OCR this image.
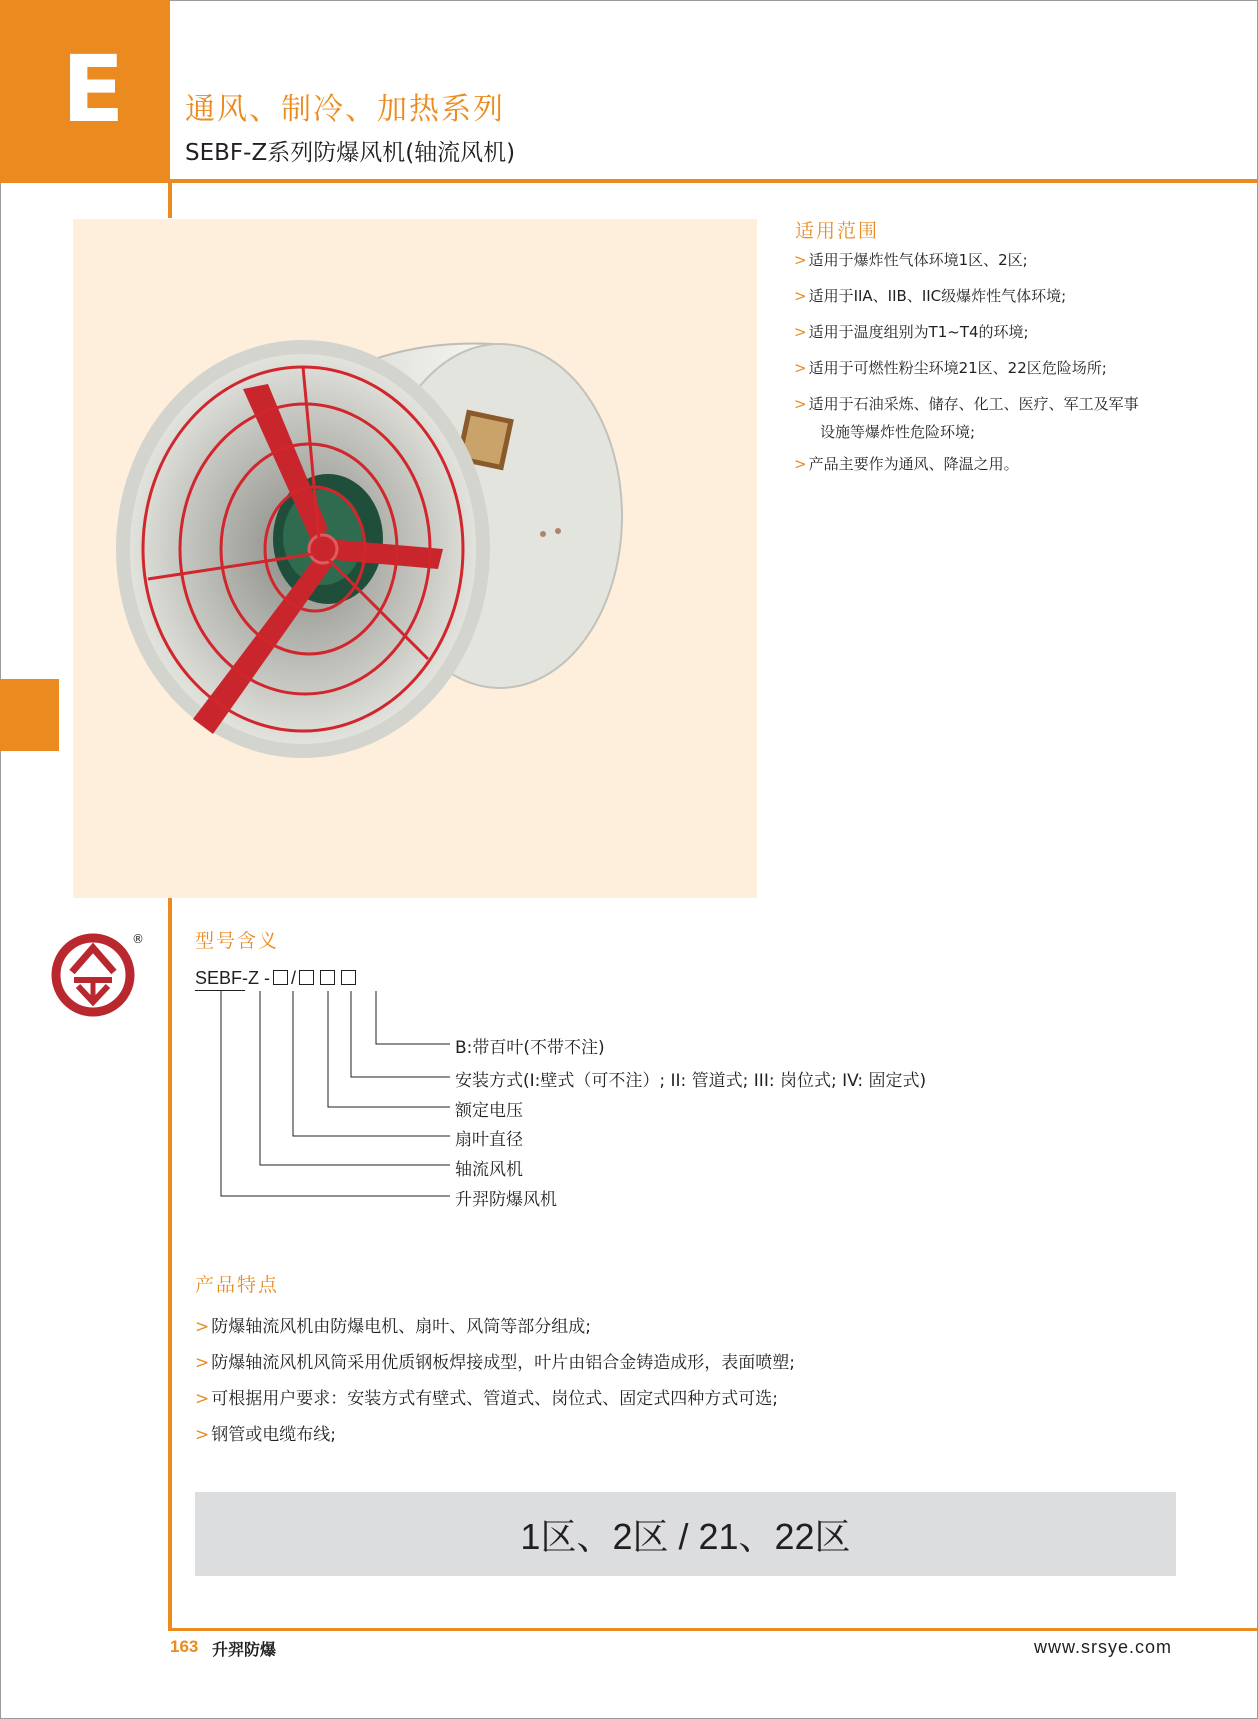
E	通风、制冷、加热系列
SEBF-Z系列防爆风机(轴流风机)
适用范围
> 适用于爆炸性气体环境1区、2区;
> 适用于IIA、IIB、IIC级爆炸性气体环境;
> 适用于温度组别为T1~T4的环境;
> 适用于可燃性粉尘环境21区、22区危险场所;
> 适用于石油采炼、储存、化工、医疗、军工及军事
设施等爆炸性危险环境;
> 产品主要作为通风、降温之用。
®	型号含义
SEBF-Z - /
B:带百叶(不带不注)
安装方式(I:壁式（可不注）; II: 管道式; III: 岗位式; IV: 固定式)
额定电压
扇叶直径
轴流风机
升羿防爆风机
产品特点
> 防爆轴流风机由防爆电机、扇叶、风筒等部分组成;
> 防爆轴流风机风筒采用优质钢板焊接成型，叶片由铝合金铸造成形，表面喷塑;
> 可根据用户要求：安装方式有壁式、管道式、岗位式、固定式四种方式可选;
> 钢管或电缆布线;
1区、2区 / 21、22区
163 升羿防爆	www.srsye.com
